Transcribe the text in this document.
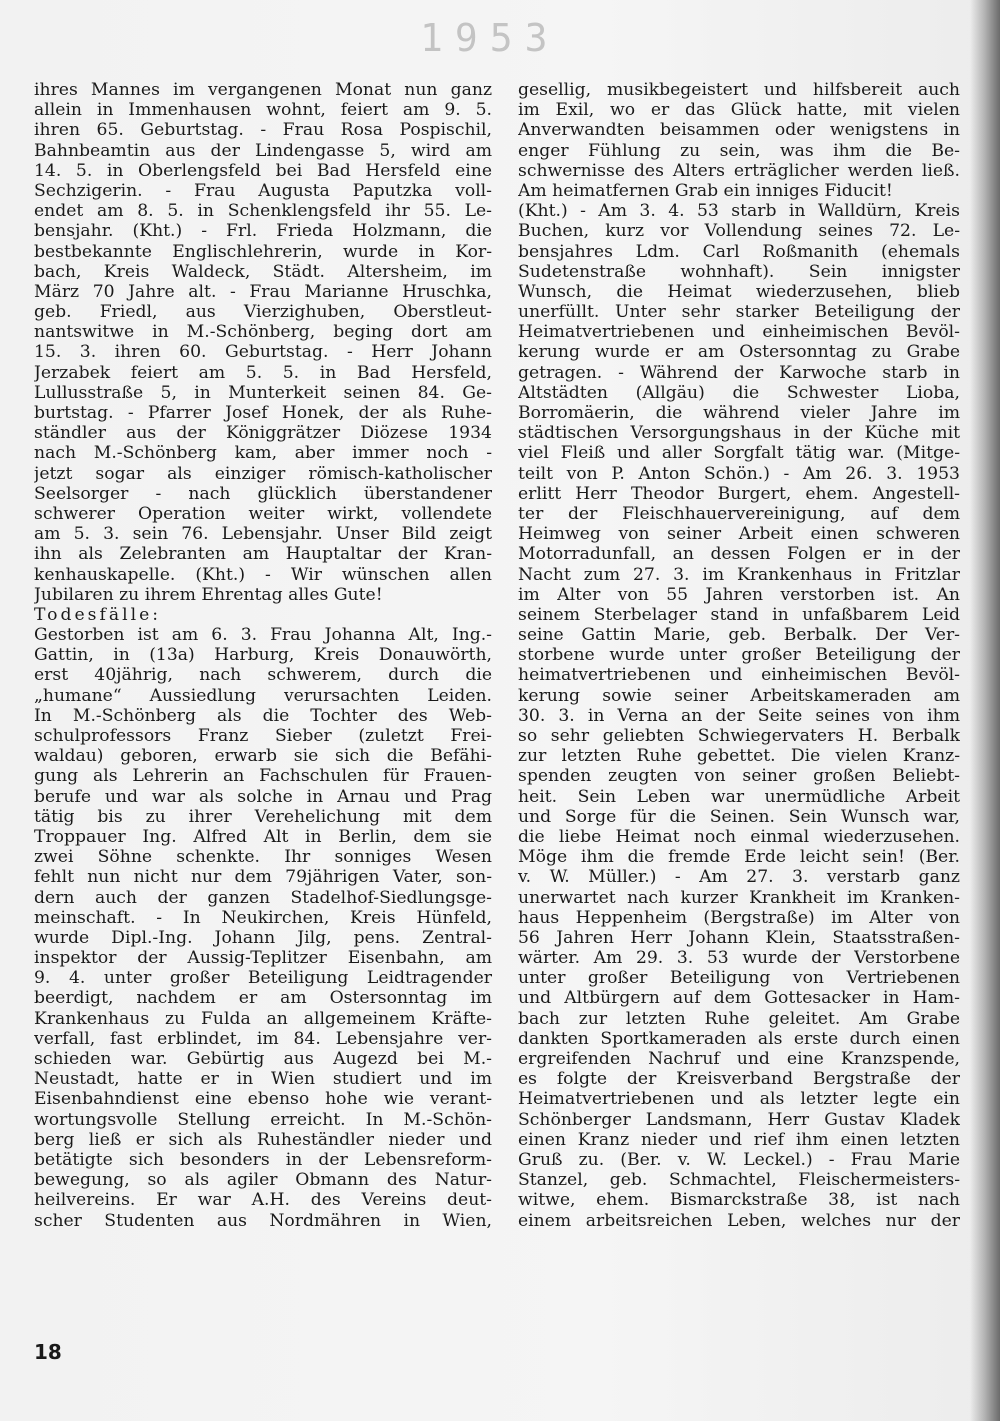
1953
ihres Mannes im vergangenen Monat nun ganz
allein in Immenhausen wohnt, feiert am 9. 5.
ihren 65. Geburtstag. - Frau Rosa Pospischil,
Bahnbeamtin aus der Lindengasse 5, wird am
14. 5. in Oberlengsfeld bei Bad Hersfeld eine
Sechzigerin. - Frau Augusta Paputzka voll-
endet am 8. 5. in Schenklengsfeld ihr 55. Le-
bensjahr. (Kht.) - Frl. Frieda Holzmann, die
bestbekannte Englischlehrerin, wurde in Kor-
bach, Kreis Waldeck, Städt. Altersheim, im
März 70 Jahre alt. - Frau Marianne Hruschka,
geb. Friedl, aus Vierzighuben, Oberstleut-
nantswitwe in M.-Schönberg, beging dort am
15. 3. ihren 60. Geburtstag. - Herr Johann
Jerzabek feiert am 5. 5. in Bad Hersfeld,
Lullusstraße 5, in Munterkeit seinen 84. Ge-
burtstag. - Pfarrer Josef Honek, der als Ruhe-
ständler aus der Königgrätzer Diözese 1934
nach M.-Schönberg kam, aber immer noch -
jetzt sogar als einziger römisch-katholischer
Seelsorger - nach glücklich überstandener
schwerer Operation weiter wirkt, vollendete
am 5. 3. sein 76. Lebensjahr. Unser Bild zeigt
ihn als Zelebranten am Hauptaltar der Kran-
kenhauskapelle. (Kht.) - Wir wünschen allen
Jubilaren zu ihrem Ehrentag alles Gute!
Todesfälle:
Gestorben ist am 6. 3. Frau Johanna Alt, Ing.-
Gattin, in (13a) Harburg, Kreis Donauwörth,
erst 40jährig, nach schwerem, durch die
„humane“ Aussiedlung verursachten Leiden.
In M.-Schönberg als die Tochter des Web-
schulprofessors Franz Sieber (zuletzt Frei-
waldau) geboren, erwarb sie sich die Befähi-
gung als Lehrerin an Fachschulen für Frauen-
berufe und war als solche in Arnau und Prag
tätig bis zu ihrer Verehelichung mit dem
Troppauer Ing. Alfred Alt in Berlin, dem sie
zwei Söhne schenkte. Ihr sonniges Wesen
fehlt nun nicht nur dem 79jährigen Vater, son-
dern auch der ganzen Stadelhof-Siedlungsge-
meinschaft. - In Neukirchen, Kreis Hünfeld,
wurde Dipl.-Ing. Johann Jilg, pens. Zentral-
inspektor der Aussig-Teplitzer Eisenbahn, am
9. 4. unter großer Beteiligung Leidtragender
beerdigt, nachdem er am Ostersonntag im
Krankenhaus zu Fulda an allgemeinem Kräfte-
verfall, fast erblindet, im 84. Lebensjahre ver-
schieden war. Gebürtig aus Augezd bei M.-
Neustadt, hatte er in Wien studiert und im
Eisenbahndienst eine ebenso hohe wie verant-
wortungsvolle Stellung erreicht. In M.-Schön-
berg ließ er sich als Ruheständler nieder und
betätigte sich besonders in der Lebensreform-
bewegung, so als agiler Obmann des Natur-
heilvereins. Er war A.H. des Vereins deut-
scher Studenten aus Nordmähren in Wien,
gesellig, musikbegeistert und hilfsbereit auch
im Exil, wo er das Glück hatte, mit vielen
Anverwandten beisammen oder wenigstens in
enger Fühlung zu sein, was ihm die Be-
schwernisse des Alters erträglicher werden ließ.
Am heimatfernen Grab ein inniges Fiducit!
(Kht.) - Am 3. 4. 53 starb in Walldürn, Kreis
Buchen, kurz vor Vollendung seines 72. Le-
bensjahres Ldm. Carl Roßmanith (ehemals
Sudetenstraße wohnhaft). Sein innigster
Wunsch, die Heimat wiederzusehen, blieb
unerfüllt. Unter sehr starker Beteiligung der
Heimatvertriebenen und einheimischen Bevöl-
kerung wurde er am Ostersonntag zu Grabe
getragen. - Während der Karwoche starb in
Altstädten (Allgäu) die Schwester Lioba,
Borromäerin, die während vieler Jahre im
städtischen Versorgungshaus in der Küche mit
viel Fleiß und aller Sorgfalt tätig war. (Mitge-
teilt von P. Anton Schön.) - Am 26. 3. 1953
erlitt Herr Theodor Burgert, ehem. Angestell-
ter der Fleischhauervereinigung, auf dem
Heimweg von seiner Arbeit einen schweren
Motorradunfall, an dessen Folgen er in der
Nacht zum 27. 3. im Krankenhaus in Fritzlar
im Alter von 55 Jahren verstorben ist. An
seinem Sterbelager stand in unfaßbarem Leid
seine Gattin Marie, geb. Berbalk. Der Ver-
storbene wurde unter großer Beteiligung der
heimatvertriebenen und einheimischen Bevöl-
kerung sowie seiner Arbeitskameraden am
30. 3. in Verna an der Seite seines von ihm
so sehr geliebten Schwiegervaters H. Berbalk
zur letzten Ruhe gebettet. Die vielen Kranz-
spenden zeugten von seiner großen Beliebt-
heit. Sein Leben war unermüdliche Arbeit
und Sorge für die Seinen. Sein Wunsch war,
die liebe Heimat noch einmal wiederzusehen.
Möge ihm die fremde Erde leicht sein! (Ber.
v. W. Müller.) - Am 27. 3. verstarb ganz
unerwartet nach kurzer Krankheit im Kranken-
haus Heppenheim (Bergstraße) im Alter von
56 Jahren Herr Johann Klein, Staatsstraßen-
wärter. Am 29. 3. 53 wurde der Verstorbene
unter großer Beteiligung von Vertriebenen
und Altbürgern auf dem Gottesacker in Ham-
bach zur letzten Ruhe geleitet. Am Grabe
dankten Sportkameraden als erste durch einen
ergreifenden Nachruf und eine Kranzspende,
es folgte der Kreisverband Bergstraße der
Heimatvertriebenen und als letzter legte ein
Schönberger Landsmann, Herr Gustav Kladek
einen Kranz nieder und rief ihm einen letzten
Gruß zu. (Ber. v. W. Leckel.) - Frau Marie
Stanzel, geb. Schmachtel, Fleischermeisters-
witwe, ehem. Bismarckstraße 38, ist nach
einem arbeitsreichen Leben, welches nur der
18
